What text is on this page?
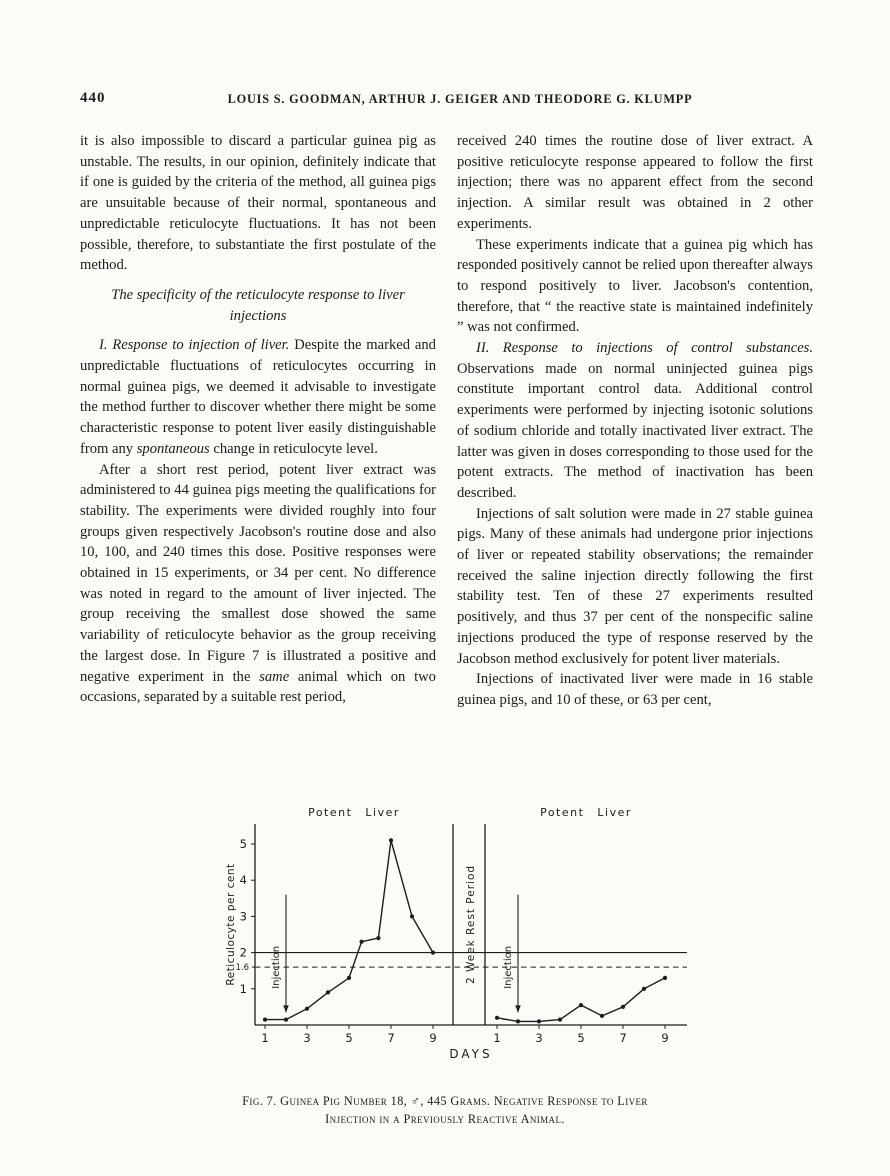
440	LOUIS S. GOODMAN, ARTHUR J. GEIGER AND THEODORE G. KLUMPP

it is also impossible to discard a particular guinea pig as unstable. The results, in our opinion, definitely indicate that if one is guided by the criteria of the method, all guinea pigs are unsuitable because of their normal, spontaneous and unpredictable reticulocyte fluctuations. It has not been possible, therefore, to substantiate the first postulate of the method.

The specificity of the reticulocyte response to liver injections

I. Response to injection of liver. Despite the marked and unpredictable fluctuations of reticulocytes occurring in normal guinea pigs, we deemed it advisable to investigate the method further to discover whether there might be some characteristic response to potent liver easily distinguishable from any spontaneous change in reticulocyte level.

After a short rest period, potent liver extract was administered to 44 guinea pigs meeting the qualifications for stability. The experiments were divided roughly into four groups given respectively Jacobson's routine dose and also 10, 100, and 240 times this dose. Positive responses were obtained in 15 experiments, or 34 per cent. No difference was noted in regard to the amount of liver injected. The group receiving the smallest dose showed the same variability of reticulocyte behavior as the group receiving the largest dose. In Figure 7 is illustrated a positive and negative experiment in the same animal which on two occasions, separated by a suitable rest period,

received 240 times the routine dose of liver extract. A positive reticulocyte response appeared to follow the first injection; there was no apparent effect from the second injection. A similar result was obtained in 2 other experiments.

These experiments indicate that a guinea pig which has responded positively cannot be relied upon thereafter always to respond positively to liver. Jacobson's contention, therefore, that “ the reactive state is maintained indefinitely ” was not confirmed.

II. Response to injections of control substances. Observations made on normal uninjected guinea pigs constitute important control data. Additional control experiments were performed by injecting isotonic solutions of sodium chloride and totally inactivated liver extract. The latter was given in doses corresponding to those used for the potent extracts. The method of inactivation has been described.

Injections of salt solution were made in 27 stable guinea pigs. Many of these animals had undergone prior injections of liver or repeated stability observations; the remainder received the saline injection directly following the first stability test. Ten of these 27 experiments resulted positively, and thus 37 per cent of the nonspecific saline injections produced the type of response reserved by the Jacobson method exclusively for potent liver materials.

Injections of inactivated liver were made in 16 stable guinea pigs, and 10 of these, or 63 per cent,

1
2
3
4
5
1.6
Reticulocyte per cent
DAYS
2 Week Rest Period
Potent Liver
1	3	5	7	9
Injection
Potent Liver
1	3	5	7	9
Injection
Fig. 7. Guinea Pig Number 18, ♂, 445 Grams. Negative Response to Liver Injection in a Previously Reactive Animal.
